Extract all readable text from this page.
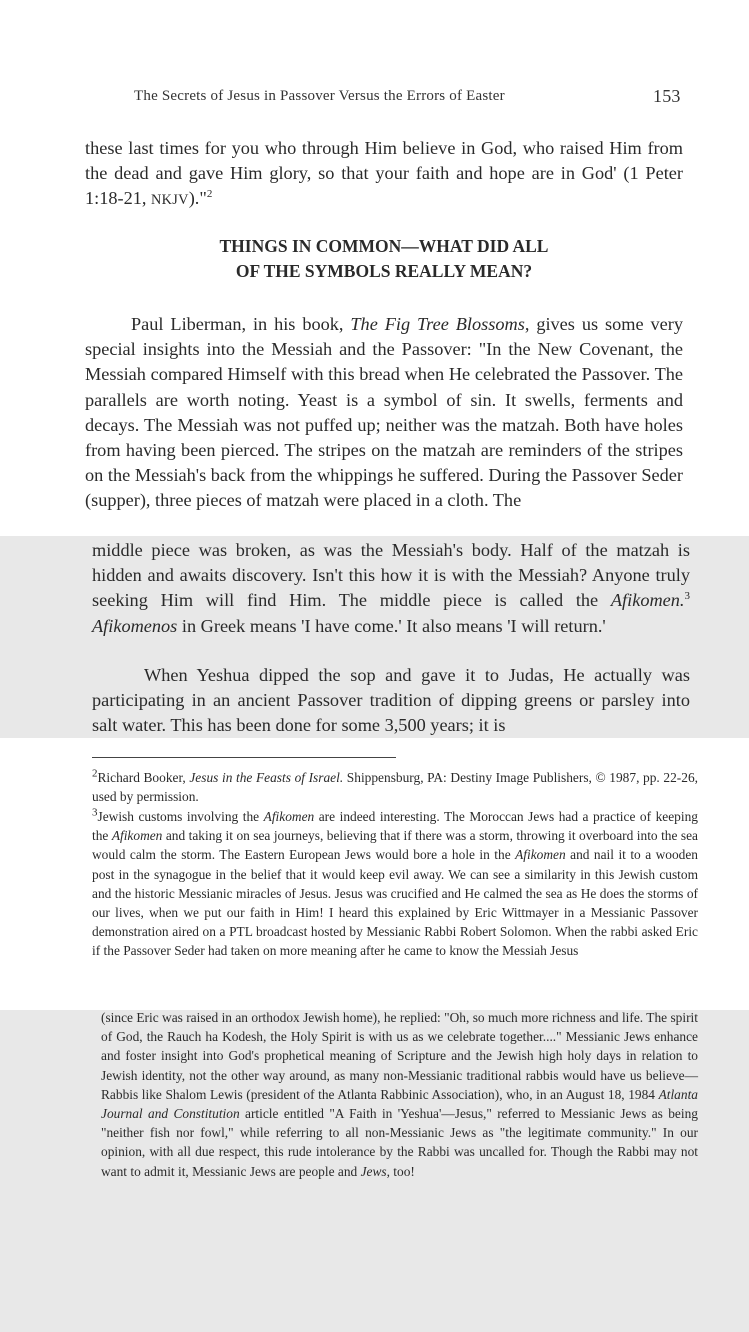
The Secrets of Jesus in Passover Versus the Errors of Easter	153

these last times for you who through Him believe in God, who raised Him from the dead and gave Him glory, so that your faith and hope are in God' (1 Peter 1:18-21, NKJV)."$^2$

THINGS IN COMMON—WHAT DID ALL
OF THE SYMBOLS REALLY MEAN?

Paul Liberman, in his book, The Fig Tree Blossoms, gives us some very special insights into the Messiah and the Passover: "In the New Covenant, the Messiah compared Himself with this bread when He celebrated the Passover. The parallels are worth noting. Yeast is a symbol of sin. It swells, ferments and decays. The Messiah was not puffed up; neither was the matzah. Both have holes from having been pierced. The stripes on the matzah are reminders of the stripes on the Messiah's back from the whippings he suffered. During the Passover Seder (supper), three pieces of matzah were placed in a cloth. The

middle piece was broken, as was the Messiah's body. Half of the matzah is hidden and awaits discovery. Isn't this how it is with the Messiah? Anyone truly seeking Him will find Him. The middle piece is called the Afikomen.$^3$ Afikomenos in Greek means 'I have come.' It also means 'I will return.'

When Yeshua dipped the sop and gave it to Judas, He actually was participating in an ancient Passover tradition of dipping greens or parsley into salt water. This has been done for some 3,500 years; it is

$^2$Richard Booker, Jesus in the Feasts of Israel. Shippensburg, PA: Destiny Image Publishers, © 1987, pp. 22-26, used by permission.

$^3$Jewish customs involving the Afikomen are indeed interesting. The Moroccan Jews had a practice of keeping the Afikomen and taking it on sea journeys, believing that if there was a storm, throwing it overboard into the sea would calm the storm. The Eastern European Jews would bore a hole in the Afikomen and nail it to a wooden post in the synagogue in the belief that it would keep evil away. We can see a similarity in this Jewish custom and the historic Messianic miracles of Jesus. Jesus was crucified and He calmed the sea as He does the storms of our lives, when we put our faith in Him! I heard this explained by Eric Wittmayer in a Messianic Passover demonstration aired on a PTL broadcast hosted by Messianic Rabbi Robert Solomon. When the rabbi asked Eric if the Passover Seder had taken on more meaning after he came to know the Messiah Jesus

(since Eric was raised in an orthodox Jewish home), he replied: "Oh, so much more richness and life. The spirit of God, the Rauch ha Kodesh, the Holy Spirit is with us as we celebrate together...." Messianic Jews enhance and foster insight into God's prophetical meaning of Scripture and the Jewish high holy days in relation to Jewish identity, not the other way around, as many non-Messianic traditional rabbis would have us believe—Rabbis like Shalom Lewis (president of the Atlanta Rabbinic Association), who, in an August 18, 1984 Atlanta Journal and Constitution article entitled "A Faith in 'Yeshua'—Jesus," referred to Messianic Jews as being "neither fish nor fowl," while referring to all non-Messianic Jews as "the legitimate community." In our opinion, with all due respect, this rude intolerance by the Rabbi was uncalled for. Though the Rabbi may not want to admit it, Messianic Jews are people and Jews, too!
